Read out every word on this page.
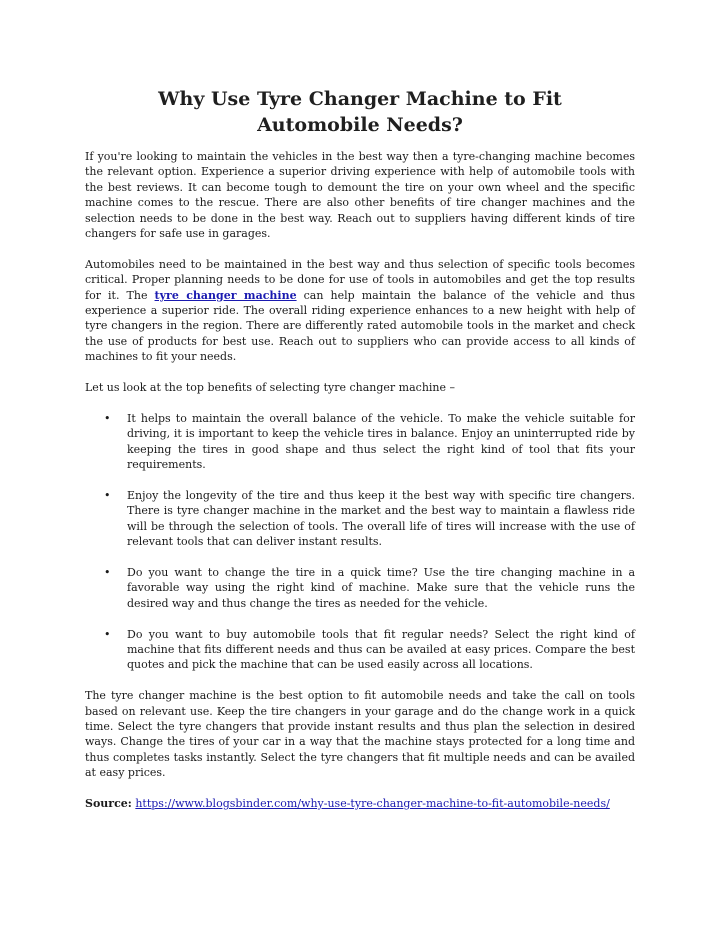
Why Use Tyre Changer Machine to Fit Automobile Needs?

If you're looking to maintain the vehicles in the best way then a tyre-changing machine becomes the relevant option. Experience a superior driving experience with help of automobile tools with the best reviews. It can become tough to demount the tire on your own wheel and the specific machine comes to the rescue. There are also other benefits of tire changer machines and the selection needs to be done in the best way. Reach out to suppliers having different kinds of tire changers for safe use in garages.

Automobiles need to be maintained in the best way and thus selection of specific tools becomes critical. Proper planning needs to be done for use of tools in automobiles and get the top results for it. The tyre changer machine can help maintain the balance of the vehicle and thus experience a superior ride. The overall riding experience enhances to a new height with help of tyre changers in the region. There are differently rated automobile tools in the market and check the use of products for best use. Reach out to suppliers who can provide access to all kinds of machines to fit your needs.

Let us look at the top benefits of selecting tyre changer machine –

• It helps to maintain the overall balance of the vehicle. To make the vehicle suitable for driving, it is important to keep the vehicle tires in balance. Enjoy an uninterrupted ride by keeping the tires in good shape and thus select the right kind of tool that fits your requirements.
• Enjoy the longevity of the tire and thus keep it the best way with specific tire changers. There is tyre changer machine in the market and the best way to maintain a flawless ride will be through the selection of tools. The overall life of tires will increase with the use of relevant tools that can deliver instant results.
• Do you want to change the tire in a quick time? Use the tire changing machine in a favorable way using the right kind of machine. Make sure that the vehicle runs the desired way and thus change the tires as needed for the vehicle.
• Do you want to buy automobile tools that fit regular needs? Select the right kind of machine that fits different needs and thus can be availed at easy prices. Compare the best quotes and pick the machine that can be used easily across all locations.

The tyre changer machine is the best option to fit automobile needs and take the call on tools based on relevant use. Keep the tire changers in your garage and do the change work in a quick time. Select the tyre changers that provide instant results and thus plan the selection in desired ways. Change the tires of your car in a way that the machine stays protected for a long time and thus completes tasks instantly. Select the tyre changers that fit multiple needs and can be availed at easy prices.

Source: https://www.blogsbinder.com/why-use-tyre-changer-machine-to-fit-automobile-needs/
